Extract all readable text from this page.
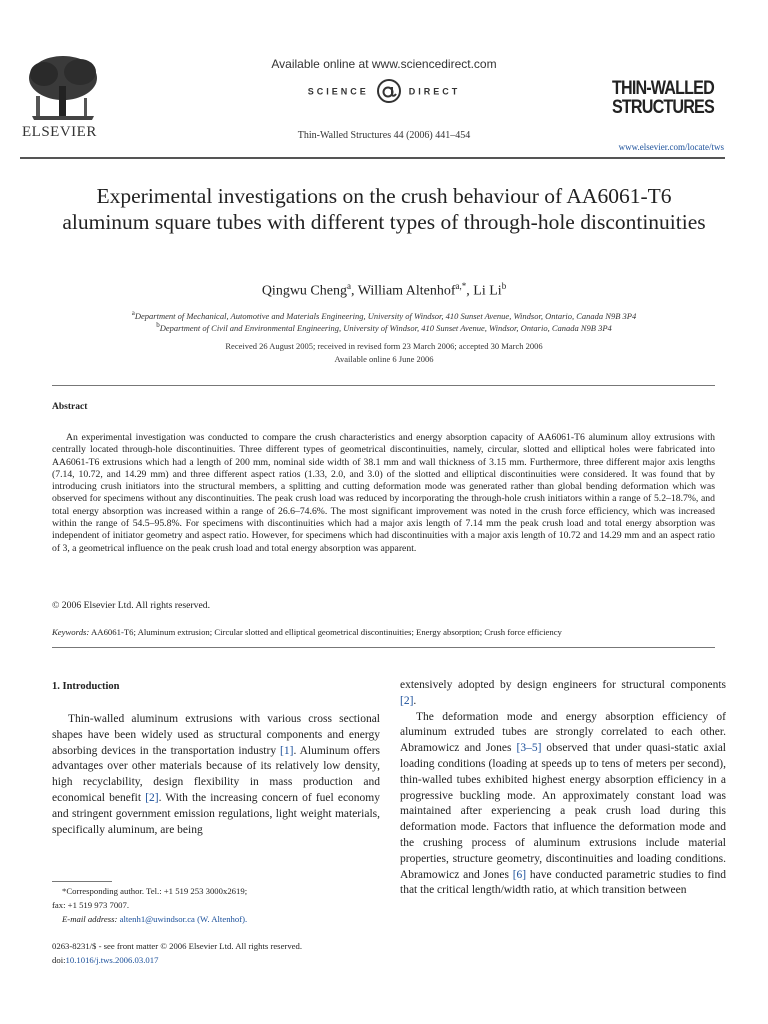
ELSEVIER
Available online at www.sciencedirect.com
SCIENCE	DIRECT
Thin-Walled Structures 44 (2006) 441–454
THIN-WALLED
STRUCTURES
www.elsevier.com/locate/tws
Experimental investigations on the crush behaviour of AA6061-T6 aluminum square tubes with different types of through-hole discontinuities
Qingwu Cheng$^a$, William Altenhof$^{a,*}$, Li Li$^b$
$^a$Department of Mechanical, Automotive and Materials Engineering, University of Windsor, 410 Sunset Avenue, Windsor, Ontario, Canada N9B 3P4
$^b$Department of Civil and Environmental Engineering, University of Windsor, 410 Sunset Avenue, Windsor, Ontario, Canada N9B 3P4
Received 26 August 2005; received in revised form 23 March 2006; accepted 30 March 2006
Available online 6 June 2006
Abstract
An experimental investigation was conducted to compare the crush characteristics and energy absorption capacity of AA6061-T6 aluminum alloy extrusions with centrally located through-hole discontinuities. Three different types of geometrical discontinuities, namely, circular, slotted and elliptical holes were fabricated into AA6061-T6 extrusions which had a length of 200 mm, nominal side width of 38.1 mm and wall thickness of 3.15 mm. Furthermore, three different major axis lengths (7.14, 10.72, and 14.29 mm) and three different aspect ratios (1.33, 2.0, and 3.0) of the slotted and elliptical discontinuities were considered. It was found that by introducing crush initiators into the structural members, a splitting and cutting deformation mode was generated rather than global bending deformation which was observed for specimens without any discontinuities. The peak crush load was reduced by incorporating the through-hole crush initiators within a range of 5.2–18.7%, and total energy absorption was increased within a range of 26.6–74.6%. The most significant improvement was noted in the crush force efficiency, which was increased within the range of 54.5–95.8%. For specimens with discontinuities which had a major axis length of 7.14 mm the peak crush load and total energy absorption was independent of initiator geometry and aspect ratio. However, for specimens which had discontinuities with a major axis length of 10.72 and 14.29 mm and an aspect ratio of 3, a geometrical influence on the peak crush load and total energy absorption was apparent.
© 2006 Elsevier Ltd. All rights reserved.
Keywords: AA6061-T6; Aluminum extrusion; Circular slotted and elliptical geometrical discontinuities; Energy absorption; Crush force efficiency
1. Introduction
Thin-walled aluminum extrusions with various cross sectional shapes have been widely used as structural components and energy absorbing devices in the transportation industry [1]. Aluminum offers advantages over other materials because of its relatively low density, high recyclability, design flexibility in mass production and economical benefit [2]. With the increasing concern of fuel economy and stringent government emission regulations, light weight materials, specifically aluminum, are being

extensively adopted by design engineers for structural components [2].

The deformation mode and energy absorption efficiency of aluminum extruded tubes are strongly correlated to each other. Abramowicz and Jones [3–5] observed that under quasi-static axial loading conditions (loading at speeds up to tens of meters per second), thin-walled tubes exhibited highest energy absorption efficiency in a progressive buckling mode. An approximately constant load was maintained after experiencing a peak crush load during this deformation mode. Factors that influence the deformation mode and the crushing process of aluminum extrusions include material properties, structure geometry, discontinuities and loading conditions. Abramowicz and Jones [6] have conducted parametric studies to find that the critical length/width ratio, at which transition between

*Corresponding author. Tel.: +1 519 253 3000x2619;
fax: +1 519 973 7007.
E-mail address: altenh1@uwindsor.ca (W. Altenhof).
0263-8231/$ - see front matter © 2006 Elsevier Ltd. All rights reserved.
doi:10.1016/j.tws.2006.03.017
